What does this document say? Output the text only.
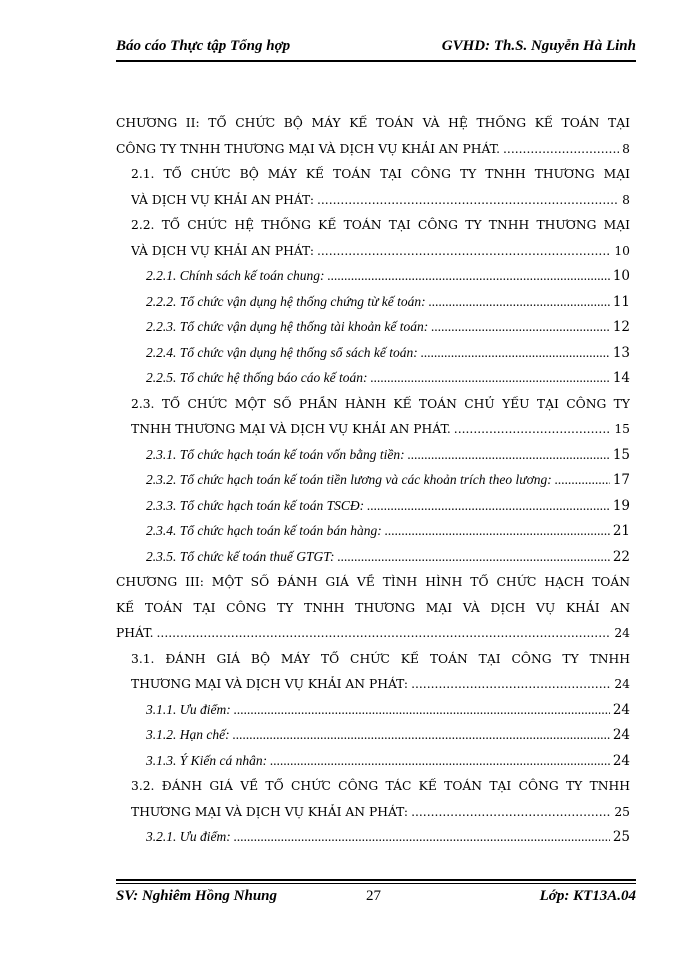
Báo cáo Thực tập Tổng hợp	GVHD: Th.S. Nguyễn Hà Linh
CHƯƠNG II: TỔ CHỨC BỘ MÁY KẾ TOÁN VÀ HỆ THỐNG KẾ TOÁN TẠI
CÔNG TY TNHH THƯƠNG MẠI VÀ DỊCH VỤ KHẢI AN PHÁT. .....	8
2.1. TỔ CHỨC BỘ MÁY KẾ TOÁN TẠI CÔNG TY TNHH THƯƠNG MẠI
VÀ DỊCH VỤ KHẢI AN PHÁT: .....	8
2.2. TỔ CHỨC HỆ THỐNG KẾ TOÁN TẠI CÔNG TY TNHH THƯƠNG MẠI
VÀ DỊCH VỤ KHẢI AN PHÁT: .....	10
2.2.1. Chính sách kế toán chung: .....	10
2.2.2. Tổ chức vận dụng hệ thống chứng từ kế toán: .....	11
2.2.3. Tổ chức vận dụng hệ thống tài khoản kế toán: .....	12
2.2.4. Tổ chức vận dụng hệ thống sổ sách kế toán: .....	13
2.2.5. Tổ chức hệ thống báo cáo kế toán: .....	14
2.3. TỔ CHỨC MỘT SỐ PHẦN HÀNH KẾ TOÁN CHỦ YẾU TẠI CÔNG TY
TNHH THƯƠNG MẠI VÀ DỊCH VỤ KHẢI AN PHÁT. .....	15
2.3.1. Tổ chức hạch toán kế toán vốn bằng tiền: .....	15
2.3.2. Tổ chức hạch toán kế toán tiền lương và các khoản trích theo lương: .....	17
2.3.3. Tổ chức hạch toán kế toán TSCĐ: .....	19
2.3.4. Tổ chức hạch toán kế toán bán hàng: .....	21
2.3.5. Tổ chức kế toán thuế GTGT: .....	22
CHƯƠNG III: MỘT SỐ ĐÁNH GIÁ VỀ TÌNH HÌNH TỔ CHỨC HẠCH TOÁN
KẾ TOÁN TẠI CÔNG TY TNHH THƯƠNG MẠI VÀ DỊCH VỤ KHẢI AN
PHÁT. .....	24
3.1. ĐÁNH GIÁ BỘ MÁY TỔ CHỨC KẾ TOÁN TẠI CÔNG TY TNHH
THƯƠNG MẠI VÀ DỊCH VỤ KHẢI AN PHÁT: .....	24
3.1.1. Ưu điểm: .....	24
3.1.2. Hạn chế: .....	24
3.1.3. Ý Kiến cá nhân: .....	24
3.2. ĐÁNH GIÁ VỀ TỔ CHỨC CÔNG TÁC KẾ TOÁN TẠI CÔNG TY TNHH
THƯƠNG MẠI VÀ DỊCH VỤ KHẢI AN PHÁT: .....	25
3.2.1. Ưu điểm: .....	25
SV: Nghiêm Hồng Nhung	27	Lớp: KT13A.04
